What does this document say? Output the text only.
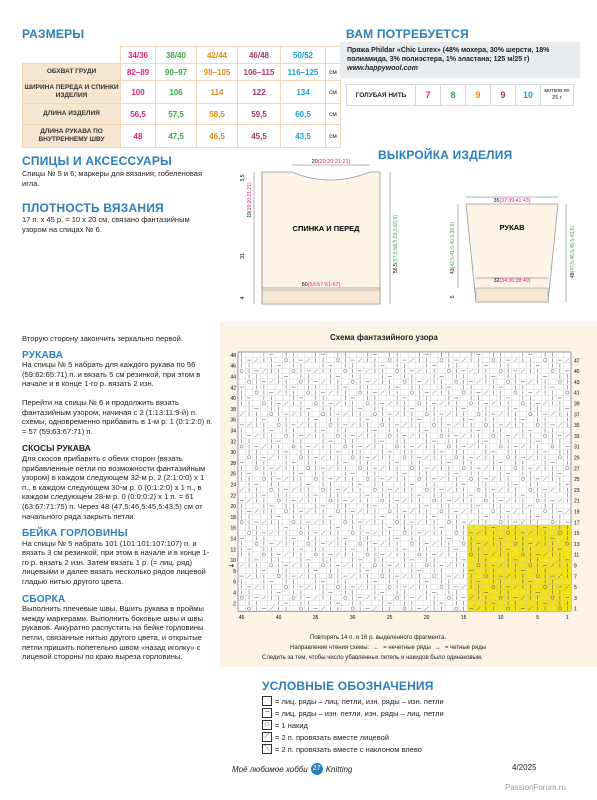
РАЗМЕРЫ
	34/36	38/40	42/44	46/48	50/52	
ОБХВАТ ГРУДИ	82–89	90–97	98–105	106–115	116–125	см
ШИРИНА ПЕРЕДА И СПИНКИ ИЗДЕЛИЯ	100	106	114	122	134	см
ДЛИНА ИЗДЕЛИЯ	56,5	57,5	58,5	59,5	60,5	см
ДЛИНА РУКАВА ПО ВНУТРЕННЕМУ ШВУ	48	47,5	46,5	45,5	43,5	см
ВАМ ПОТРЕБУЕТСЯ
Пряжа Phildar «Chic Lurex» (48% мохера, 30% шерсти, 18% полиамида, 3% полиэстера, 1% эластана; 125 м/25 г) www.happywool.com
ГОЛУБАЯ НИТЬ	7	8	9	9	10	мотков по 25 г
СПИЦЫ И АКСЕССУАРЫ
Спицы № 5 и 6; маркеры для вязания; гобеленовая игла.
ПЛОТНОСТЬ ВЯЗАНИЯ
17 п. x 45 р. = 10 x 20 см, связано фантазийным узором на спицах № 6.
ВЫКРОЙКА ИЗДЕЛИЯ
СПИНКА И ПЕРЕД
20(20:20:21:21)
50(53:57:61:67)
56,5(57,5:58,5:59,5:60,5)
3,5
19(19:20:21:21)
31
4
РУКАВ
35(37:39:41:43)
32(34:36:38:40)
43(42,5:41,5:40,5:38,5)
5
48(47,5:46,5:45,5:43,5)
Вторую сторону закончить зеркально первой.
РУКАВА
На спицы № 5 набрать для каждого рукава по 56 (59:62:65:71) п. и вязать 5 см резинкой, при этом в начале и в конце 1-го р. вязать 2 изн.
Перейти на спицы № 6 и продолжить вязать фантазийным узором, начиная с 2 (1:13:11:9-й) п. схемы, одновременно прибавить в 1-м р. 1 (0:1:2:0) п. = 57 (59:63:67:71) п.
СКОСЫ РУКАВА
Для скосов прибавить с обеих сторон (вязать прибавленные петли по возможности фантазийным узором) в каждом следующем 32-м р. 2 (2:1:0:0) x 1 п., в каждом следующем 30-м р. 0 (0:1:2:0) x 1 п., в каждом следующем 28-м р. 0 (0:0:0:2) x 1 п. = 61 (63:67:71:75) п. Через 48 (47,5:46,5:45,5:43,5) см от начального ряда закрыть петли.
БЕЙКА ГОРЛОВИНЫ
На спицы № 5 набрать 101 (101:101:107:107) п. и вязать 3 см резинкой, при этом в начале и в конце 1-го р. вязать 2 изн. Затем вязать 1 р. (= лиц. ряд) лицевыми и далее вязать несколько рядов лицевой гладью нитью другого цвета.
СБОРКА
Выполнить плечевые швы. Вшить рукава в проймы между маркерами. Выполнить боковые швы и швы рукавов. Аккуратно распустить на бейке горловины петли, связанные нитью другого цвета, и открытые петли пришить попетельно швом «назад иголку» с лицевой стороны по краю выреза горловины.
Схема фантазийного узора
48
46
44
42
40
38
36
34
32
30
28
26
24
22
20
18
16
14
12
10
8
6
4
2
47
45
43
41
39
37
35
33
31
29
27
25
23
21
19
17
15
13
11
9
7
5
3
1
45	40	35	30	25	20	15	10	5	1
→
Повторять 14 п. и 16 р. выделенного фрагмента.
Направление чтения схемы: ← = нечетные ряды → = четные ряды
Следить за тем, чтобы число убавленных петель и накидов было одинаковым.
УСЛОВНЫЕ ОБОЗНАЧЕНИЯ
= лиц. ряды – лиц. петли, изн. ряды – изн. петли
− = лиц. ряды – изн. петли, изн. ряды – лиц. петли
○ = 1 накид
⟋ = 2 п. провязать вместе лицевой
⟍ = 2 п. провязать вместе с наклоном влево
Моё любимое хобби 27 Knitting	4/2025
PassionForum.ru
